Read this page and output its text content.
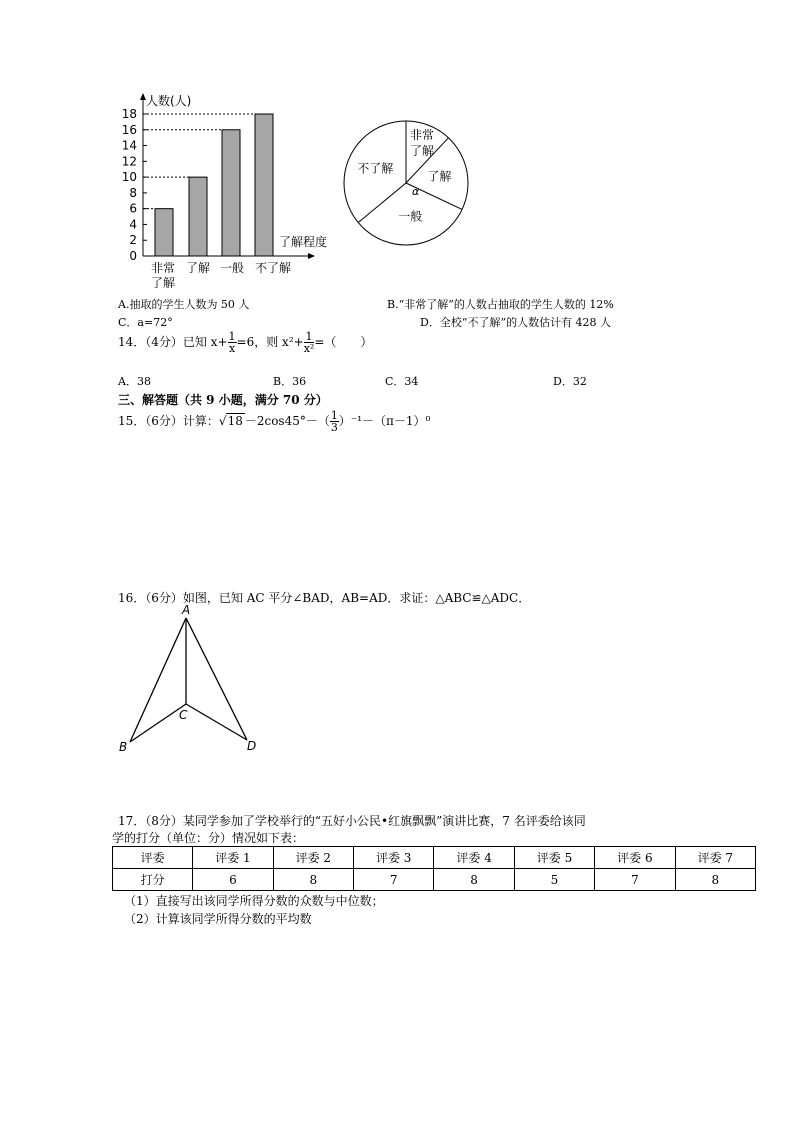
0
2
4
6
8
10
12
14
16
18
非常
了解
了解 一般 不了解
人数(人)
了解程度
非常
了解
了解
一般
不了解
α
A.抽取的学生人数为 50 人	B.“非常了解”的人数占抽取的学生人数的 12%
C．a=72°	D．全校“不了解”的人数估计有 428 人
14．（4分）已知 $x+ \frac{1}{x} =6$，则 $x^2+ \frac{1}{\text{x²}}$ =（　　）
A．38	B．36	C．34	D．32
三、解答题（共 9 小题，满分 70 分）
15．（6分）计算：$√18 -2\cos 45^\circ-( \frac{1}{3} )^{-1}-(\pi-1)^0$
16．（6分）如图，已知 AC 平分∠BAD，AB=AD．求证：△ABC≌△ADC．
A
B
C
D
17．（8分）某同学参加了学校举行的“五好小公民•红旗飘飘”演讲比赛，7 名评委给该同
学的打分（单位：分）情况如下表：
评委	评委 1	评委 2	评委 3	评委 4	评委 5	评委 6	评委 7
打分	6	8	7	8	5	7	8
（1）直接写出该同学所得分数的众数与中位数；
（2）计算该同学所得分数的平均数
